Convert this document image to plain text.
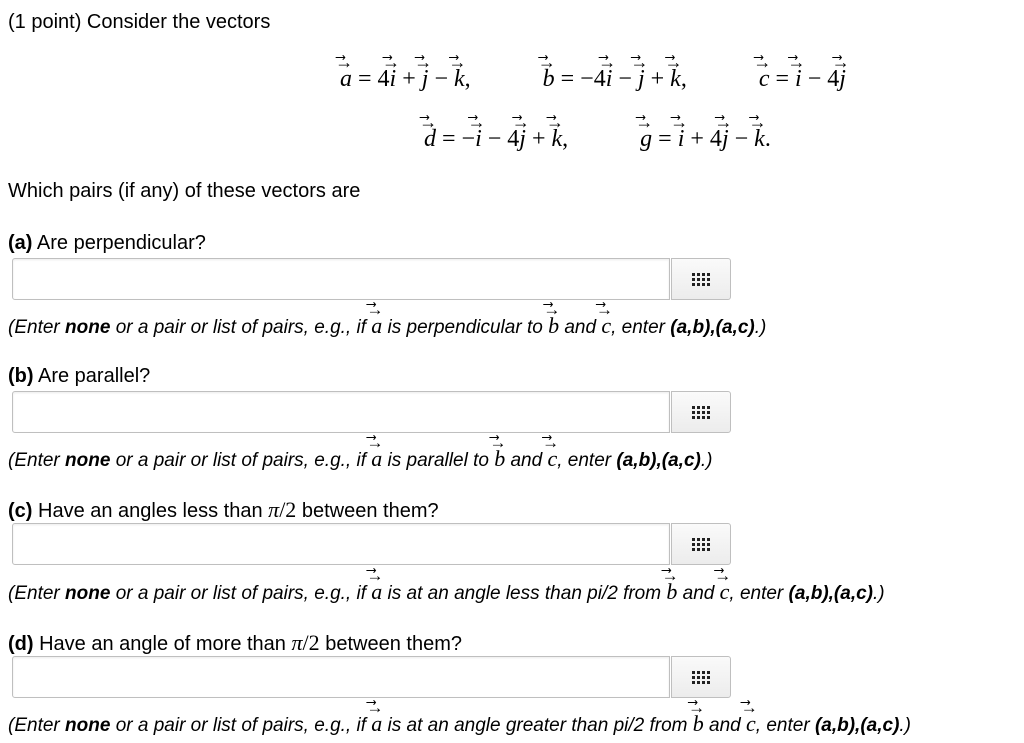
(1 point) Consider the vectors
⃗ a
→
= 4⃗ i
→
+ ⃗ j
→
− ⃗ k
→
,	⃗ b
→
= −4⃗ i
→
− ⃗ j
→
+ ⃗ k
→
,	⃗ c
→
= ⃗ i
→
− 4⃗ j
→
⃗ d
→
= −⃗ i
→
− 4⃗ j
→
+ ⃗ k
→
,	⃗ g
→
= ⃗ i
→
+ 4⃗ j
→
− ⃗ k
→
.
Which pairs (if any) of these vectors are
(a) Are perpendicular?
(Enter none or a pair or list of pairs, e.g., if ⃗ a
→
is perpendicular to ⃗ b
→
and ⃗ c
→
, enter (a,b),(a,c).)
(b) Are parallel?
(Enter none or a pair or list of pairs, e.g., if ⃗ a
→
is parallel to ⃗ b
→
and ⃗ c
→
, enter (a,b),(a,c).)
(c) Have an angles less than π/2 between them?
(Enter none or a pair or list of pairs, e.g., if ⃗ a
→
is at an angle less than pi/2 from ⃗ b
→
and ⃗ c
→
, enter (a,b),(a,c).)
(d) Have an angle of more than π/2 between them?
(Enter none or a pair or list of pairs, e.g., if ⃗ a
→
is at an angle greater than pi/2 from ⃗ b
→
and ⃗ c
→
, enter (a,b),(a,c).)
